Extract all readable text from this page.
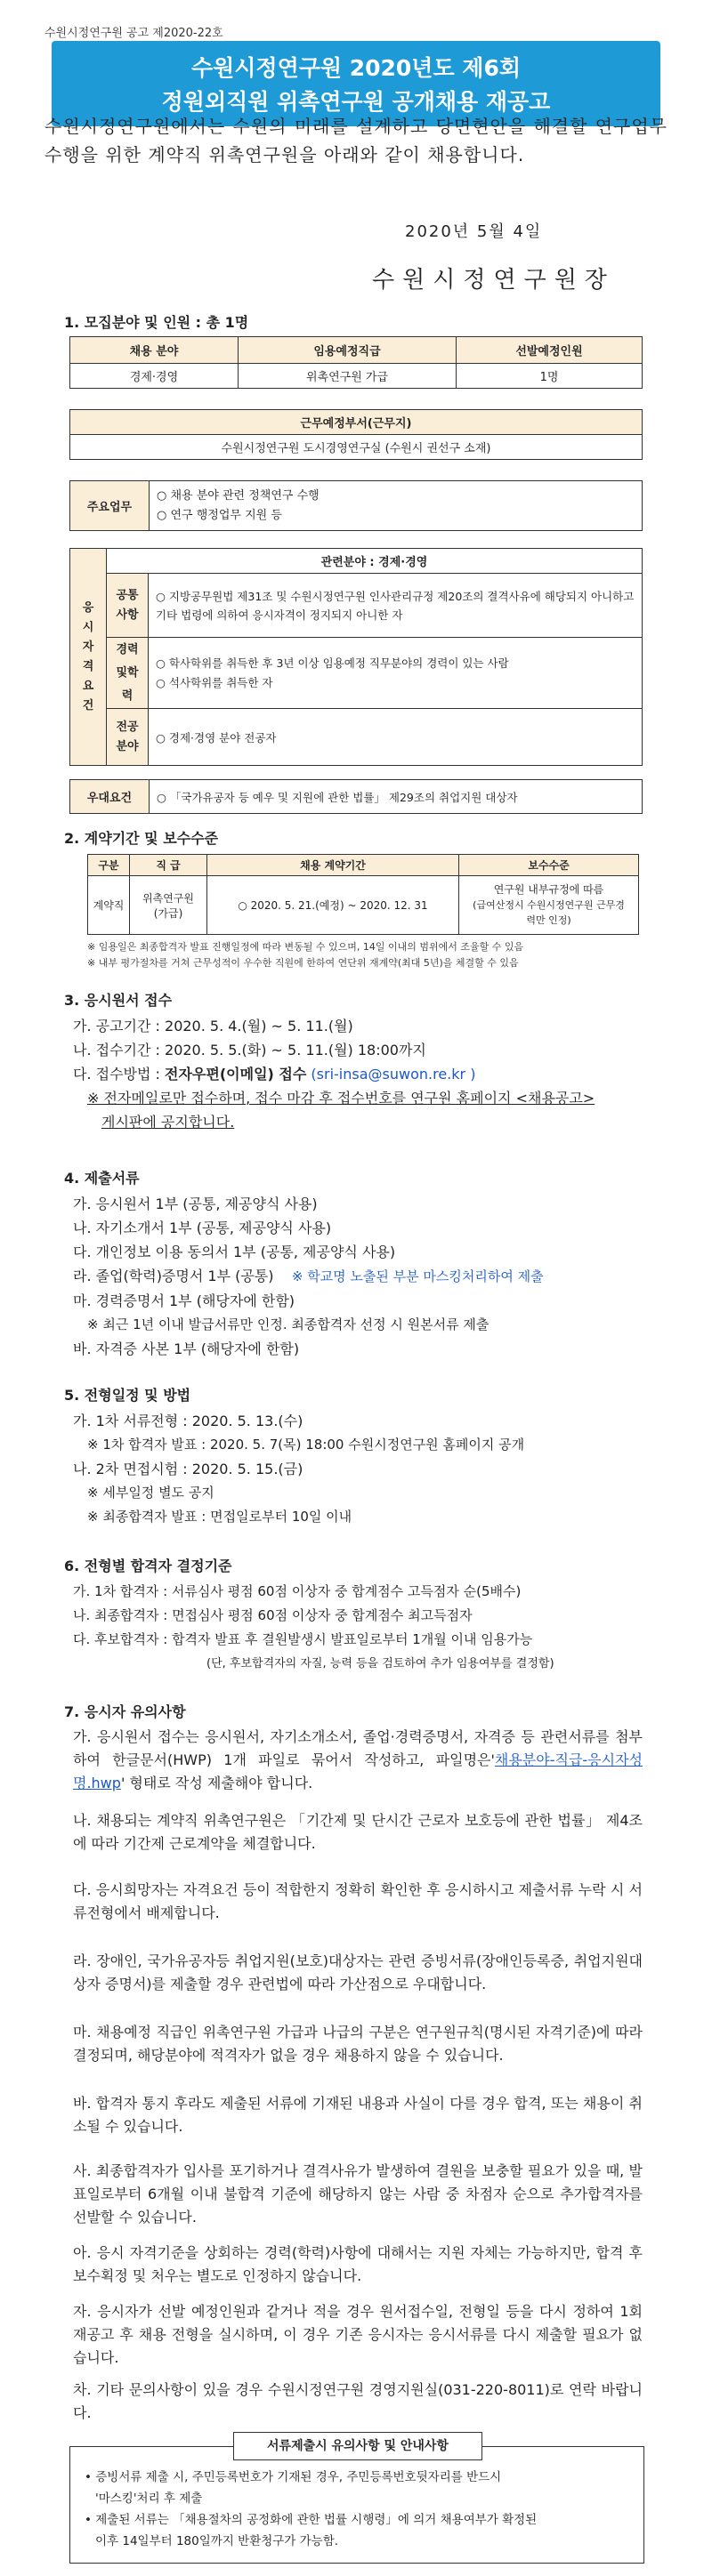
수원시정연구원 공고 제2020-22호
수원시정연구원 2020년도 제6회
정원외직원 위촉연구원 공개채용 재공고
수원시정연구원에서는 수원의 미래를 설계하고 당면현안을 해결할 연구업무 수행을 위한 계약직 위촉연구원을 아래와 같이 채용합니다.
2020년 5월 4일
수원시정연구원장
1. 모집분야 및 인원 : 총 1명
채용 분야	임용예정직급	선발예정인원
경제·경영	위촉연구원 가급	1명
근무예정부서(근무지)
수원시정연구원 도시경영연구실 (수원시 권선구 소재)
주요업무	
○ 채용 분야 관련 정책연구 수행
○ 연구 행정업무 지원 등
응시자격요건	관련분야 : 경제·경영	

	공통사항	○ 지방공무원법 제31조 및 수원시정연구원 인사관리규정 제20조의 결격사유에 해당되지 아니하고 기타 법령에 의하여 응시자격이 정지되지 아니한 자

	경력및학력	○ 학사학위를 취득한 후 3년 이상 임용예정 직무분야의 경력이 있는 사람
○ 석사학위를 취득한 자

	전공분야	○ 경제·경영 분야 전공자
우대요건	○ 「국가유공자 등 예우 및 지원에 관한 법률」 제29조의 취업지원 대상자
2. 계약기간 및 보수수준
구분	직 급	채용 계약기간	보수수준
계약직	위촉연구원 (가급)	○ 2020. 5. 21.(예정) ~ 2020. 12. 31	연구원 내부규정에 따름
(급여산정시 수원시정연구원 근무경력만 인정)
※ 임용일은 최종합격자 발표 진행일정에 따라 변동될 수 있으며, 14일 이내의 범위에서 조율할 수 있음
※ 내부 평가절차를 거쳐 근무성적이 우수한 직원에 한하여 연단위 재계약(최대 5년)을 체결할 수 있음
3. 응시원서 접수
가. 공고기간 : 2020. 5. 4.(월) ~ 5. 11.(월)
나. 접수기간 : 2020. 5. 5.(화) ~ 5. 11.(월) 18:00까지
다. 접수방법 : 전자우편(이메일) 접수 (sri-insa@suwon.re.kr )
※ 전자메일로만 접수하며, 접수 마감 후 접수번호를 연구원 홈페이지 <채용공고>
게시판에 공지합니다.
4. 제출서류
가. 응시원서 1부 (공통, 제공양식 사용)
나. 자기소개서 1부 (공통, 제공양식 사용)
다. 개인정보 이용 동의서 1부 (공통, 제공양식 사용)
라. 졸업(학력)증명서 1부 (공통) ※ 학교명 노출된 부분 마스킹처리하여 제출
마. 경력증명서 1부 (해당자에 한함)
※ 최근 1년 이내 발급서류만 인정. 최종합격자 선정 시 원본서류 제출
바. 자격증 사본 1부 (해당자에 한함)
5. 전형일정 및 방법
가. 1차 서류전형 : 2020. 5. 13.(수)
※ 1차 합격자 발표 : 2020. 5. 7(목) 18:00 수원시정연구원 홈페이지 공개
나. 2차 면접시험 : 2020. 5. 15.(금)
※ 세부일정 별도 공지
※ 최종합격자 발표 : 면접일로부터 10일 이내
6. 전형별 합격자 결정기준
가. 1차 합격자 : 서류심사 평점 60점 이상자 중 합계점수 고득점자 순(5배수)
나. 최종합격자 : 면접심사 평점 60점 이상자 중 합계점수 최고득점자
다. 후보합격자 : 합격자 발표 후 결원발생시 발표일로부터 1개월 이내 임용가능
(단, 후보합격자의 자질, 능력 등을 검토하여 추가 임용여부를 결정함)
7. 응시자 유의사항
가. 응시원서 접수는 응시원서, 자기소개소서, 졸업·경력증명서, 자격증 등 관련서류를 첨부하여 한글문서(HWP) 1개 파일로 묶어서 작성하고, 파일명은'채용분야-직급-응시자성명.hwp' 형태로 작성 제출해야 합니다.
나. 채용되는 계약직 위촉연구원은 「기간제 및 단시간 근로자 보호등에 관한 법률」 제4조에 따라 기간제 근로계약을 체결합니다.
다. 응시희망자는 자격요건 등이 적합한지 정확히 확인한 후 응시하시고 제출서류 누락 시 서류전형에서 배제합니다.
라. 장애인, 국가유공자등 취업지원(보호)대상자는 관련 증빙서류(장애인등록증, 취업지원대상자 증명서)를 제출할 경우 관련법에 따라 가산점으로 우대합니다.
마. 채용예정 직급인 위촉연구원 가급과 나급의 구분은 연구원규칙(명시된 자격기준)에 따라 결정되며, 해당분야에 적격자가 없을 경우 채용하지 않을 수 있습니다.
바. 합격자 통지 후라도 제출된 서류에 기재된 내용과 사실이 다를 경우 합격, 또는 채용이 취소될 수 있습니다.
사. 최종합격자가 입사를 포기하거나 결격사유가 발생하여 결원을 보충할 필요가 있을 때, 발표일로부터 6개월 이내 불합격 기준에 해당하지 않는 사람 중 차점자 순으로 추가합격자를 선발할 수 있습니다.
아. 응시 자격기준을 상회하는 경력(학력)사항에 대해서는 지원 자체는 가능하지만, 합격 후 보수획정 및 처우는 별도로 인정하지 않습니다.
자. 응시자가 선발 예정인원과 같거나 적을 경우 원서접수일, 전형일 등을 다시 정하여 1회 재공고 후 채용 전형을 실시하며, 이 경우 기존 응시자는 응시서류를 다시 제출할 필요가 없습니다.
차. 기타 문의사항이 있을 경우 수원시정연구원 경영지원실(031-220-8011)로 연락 바랍니다.
서류제출시 유의사항 및 안내사항
• 증빙서류 제출 시, 주민등록번호가 기재된 경우, 주민등록번호뒷자리를 반드시
'마스킹'처리 후 제출
• 제출된 서류는 「채용절차의 공정화에 관한 법률 시행령」에 의거 채용여부가 확정된
이후 14일부터 180일까지 반환청구가 가능함.
